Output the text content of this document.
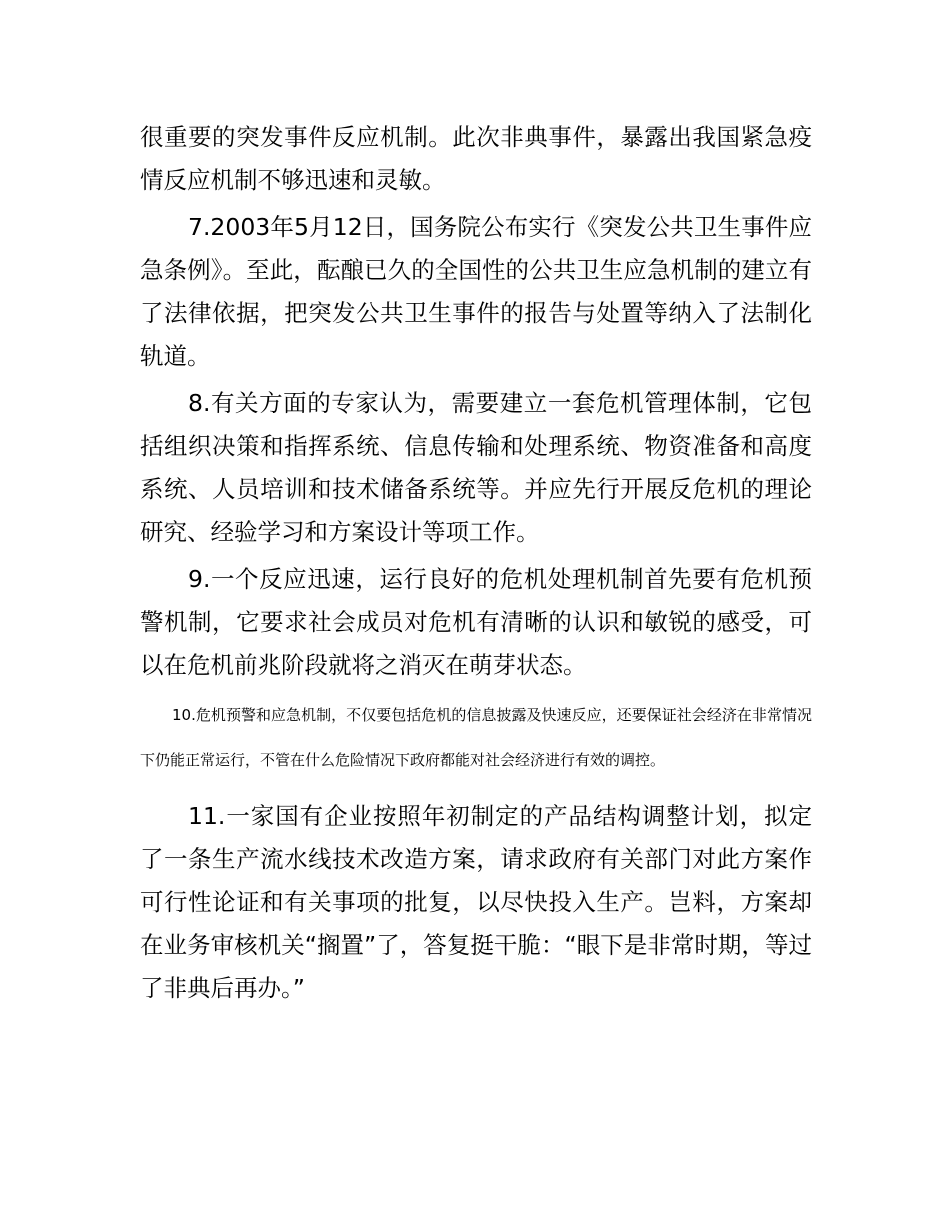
很重要的突发事件反应机制。此次非典事件，暴露出我国紧急疫情反应机制不够迅速和灵敏。

7.2003年5月12日，国务院公布实行《突发公共卫生事件应急条例》。至此，酝酿已久的全国性的公共卫生应急机制的建立有了法律依据，把突发公共卫生事件的报告与处置等纳入了法制化轨道。

8.有关方面的专家认为，需要建立一套危机管理体制，它包括组织决策和指挥系统、信息传输和处理系统、物资准备和高度系统、人员培训和技术储备系统等。并应先行开展反危机的理论研究、经验学习和方案设计等项工作。

9.一个反应迅速，运行良好的危机处理机制首先要有危机预警机制，它要求社会成员对危机有清晰的认识和敏锐的感受，可以在危机前兆阶段就将之消灭在萌芽状态。

10.危机预警和应急机制，不仅要包括危机的信息披露及快速反应，还要保证社会经济在非常情况下仍能正常运行，不管在什么危险情况下政府都能对社会经济进行有效的调控。

11.一家国有企业按照年初制定的产品结构调整计划，拟定了一条生产流水线技术改造方案，请求政府有关部门对此方案作可行性论证和有关事项的批复，以尽快投入生产。岂料，方案却在业务审核机关“搁置”了，答复挺干脆：“眼下是非常时期，等过了非典后再办。”
